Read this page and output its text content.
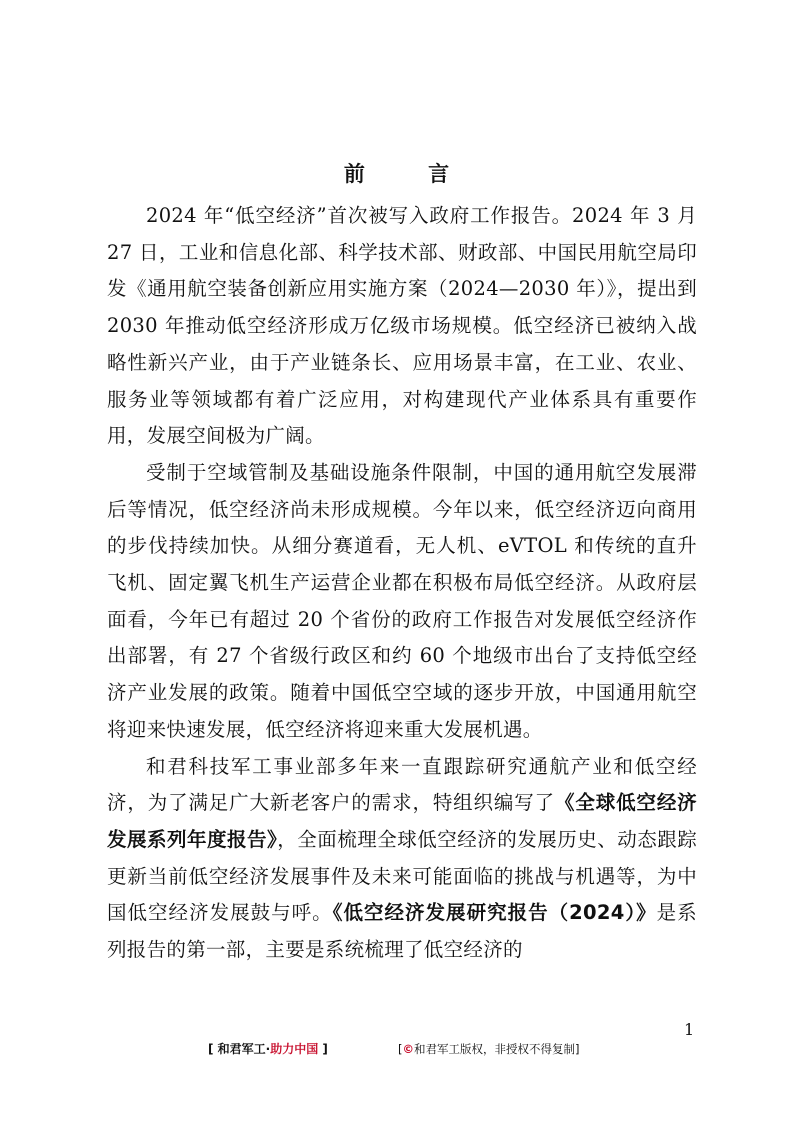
前 言

2024 年“低空经济”首次被写入政府工作报告。2024 年 3 月 27 日，工业和信息化部、科学技术部、财政部、中国民用航空局印发《通用航空装备创新应用实施方案（2024—2030 年）》，提出到 2030 年推动低空经济形成万亿级市场规模。低空经济已被纳入战略性新兴产业，由于产业链条长、应用场景丰富，在工业、农业、服务业等领域都有着广泛应用，对构建现代产业体系具有重要作用，发展空间极为广阔。

受制于空域管制及基础设施条件限制，中国的通用航空发展滞后等情况，低空经济尚未形成规模。今年以来，低空经济迈向商用的步伐持续加快。从细分赛道看，无人机、eVTOL 和传统的直升飞机、固定翼飞机生产运营企业都在积极布局低空经济。从政府层面看，今年已有超过 20 个省份的政府工作报告对发展低空经济作出部署，有 27 个省级行政区和约 60 个地级市出台了支持低空经济产业发展的政策。随着中国低空空域的逐步开放，中国通用航空将迎来快速发展，低空经济将迎来重大发展机遇。

和君科技军工事业部多年来一直跟踪研究通航产业和低空经济，为了满足广大新老客户的需求，特组织编写了《全球低空经济发展系列年度报告》，全面梳理全球低空经济的发展历史、动态跟踪更新当前低空经济发展事件及未来可能面临的挑战与机遇等，为中国低空经济发展鼓与呼。《低空经济发展研究报告（2024）》是系列报告的第一部，主要是系统梳理了低空经济的

1
[ 和君军工·助力中国 ]	[©和君军工版权，非授权不得复制]
